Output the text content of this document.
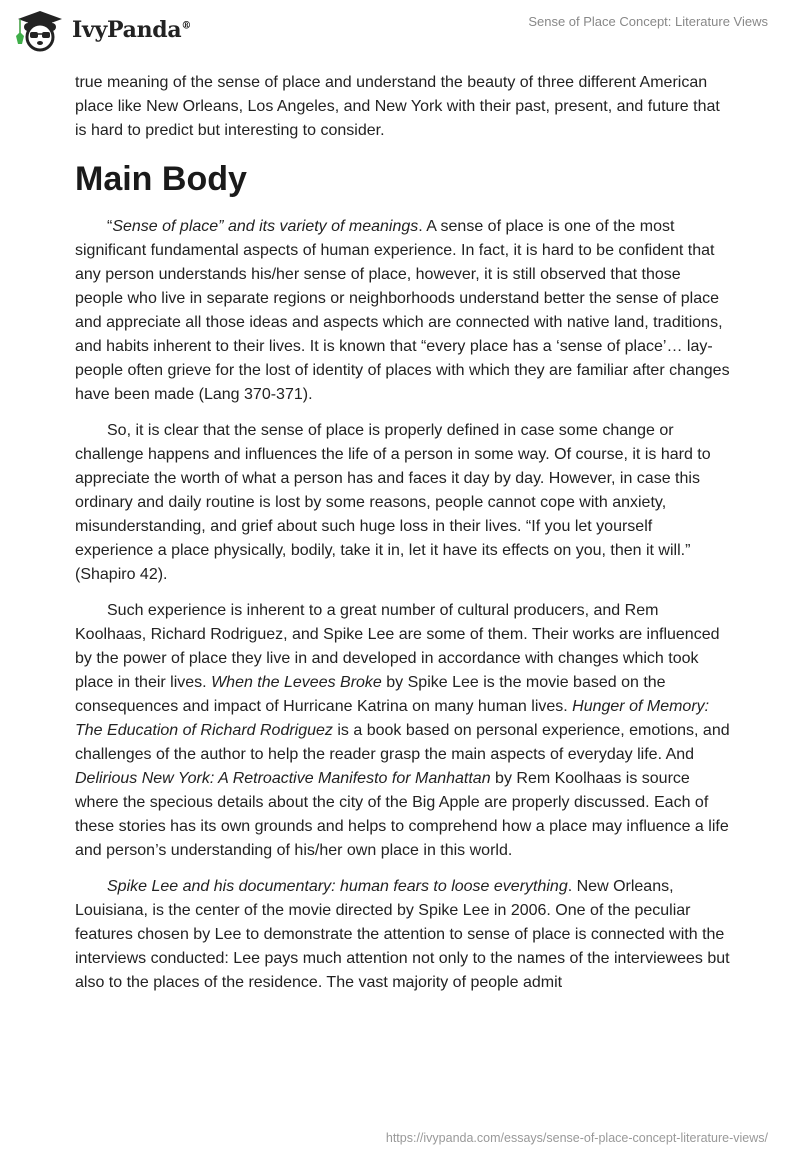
IvyPanda®	Sense of Place Concept: Literature Views

true meaning of the sense of place and understand the beauty of three different American place like New Orleans, Los Angeles, and New York with their past, present, and future that is hard to predict but interesting to consider.

Main Body

“Sense of place” and its variety of meanings. A sense of place is one of the most significant fundamental aspects of human experience. In fact, it is hard to be confident that any person understands his/her sense of place, however, it is still observed that those people who live in separate regions or neighborhoods understand better the sense of place and appreciate all those ideas and aspects which are connected with native land, traditions, and habits inherent to their lives. It is known that “every place has a ‘sense of place’… lay-people often grieve for the lost of identity of places with which they are familiar after changes have been made (Lang 370-371).

So, it is clear that the sense of place is properly defined in case some change or challenge happens and influences the life of a person in some way. Of course, it is hard to appreciate the worth of what a person has and faces it day by day. However, in case this ordinary and daily routine is lost by some reasons, people cannot cope with anxiety, misunderstanding, and grief about such huge loss in their lives. “If you let yourself experience a place physically, bodily, take it in, let it have its effects on you, then it will.” (Shapiro 42).

Such experience is inherent to a great number of cultural producers, and Rem Koolhaas, Richard Rodriguez, and Spike Lee are some of them. Their works are influenced by the power of place they live in and developed in accordance with changes which took place in their lives. When the Levees Broke by Spike Lee is the movie based on the consequences and impact of Hurricane Katrina on many human lives. Hunger of Memory: The Education of Richard Rodriguez is a book based on personal experience, emotions, and challenges of the author to help the reader grasp the main aspects of everyday life. And Delirious New York: A Retroactive Manifesto for Manhattan by Rem Koolhaas is source where the specious details about the city of the Big Apple are properly discussed. Each of these stories has its own grounds and helps to comprehend how a place may influence a life and person’s understanding of his/her own place in this world.

Spike Lee and his documentary: human fears to loose everything. New Orleans, Louisiana, is the center of the movie directed by Spike Lee in 2006. One of the peculiar features chosen by Lee to demonstrate the attention to sense of place is connected with the interviews conducted: Lee pays much attention not only to the names of the interviewees but also to the places of the residence. The vast majority of people admit

https://ivypanda.com/essays/sense-of-place-concept-literature-views/
